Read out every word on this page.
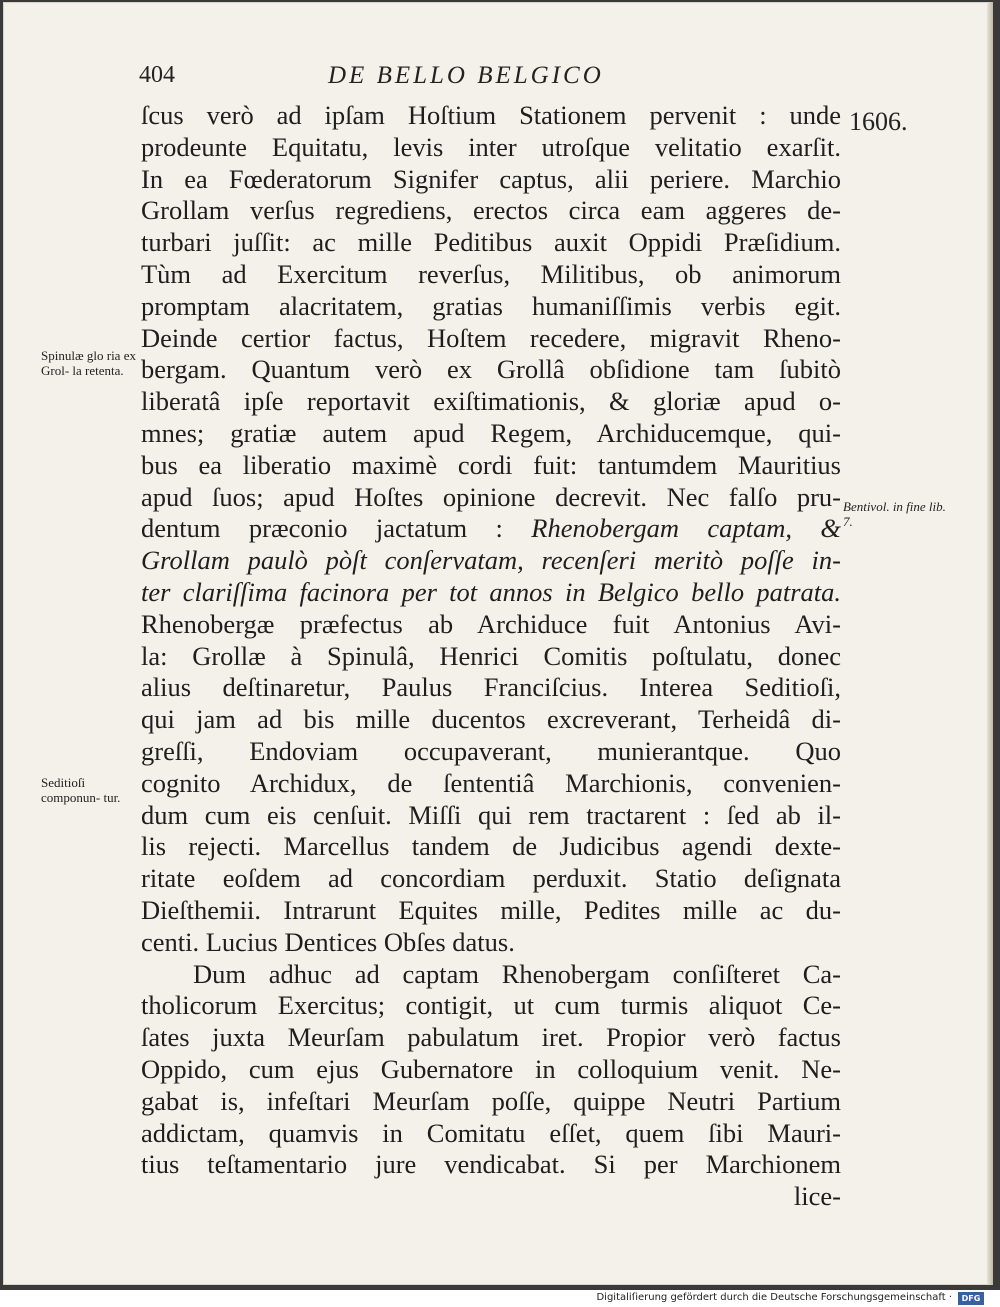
404	DE BELLO BELGICO
1606.
ſcus verò ad ipſam Hoſtium Stationem pervenit : unde
prodeunte Equitatu, levis inter utroſque velitatio exarſit.
In ea Fœderatorum Signifer captus, alii periere. Marchio
Grollam verſus regrediens, erectos circa eam aggeres de-
turbari juſſit: ac mille Peditibus auxit Oppidi Præſidium.
Tùm ad Exercitum reverſus, Militibus, ob animorum
promptam alacritatem, gratias humaniſſimis verbis egit.
Deinde certior factus, Hoſtem recedere, migravit Rheno-
bergam. Quantum verò ex Grollâ obſidione tam ſubitò
liberatâ ipſe reportavit exiſtimationis, & gloriæ apud o-
mnes; gratiæ autem apud Regem, Archiducemque, qui-
bus ea liberatio maximè cordi fuit: tantumdem Mauritius
apud ſuos; apud Hoſtes opinione decrevit. Nec falſo pru-
dentum præconio jactatum : Rhenobergam captam, &
Grollam paulò pòſt conſervatam, recenſeri meritò poſſe in-
ter clariſſima facinora per tot annos in Belgico bello patrata.
Rhenobergæ præfectus ab Archiduce fuit Antonius Avi-
la: Grollæ à Spinulâ, Henrici Comitis poſtulatu, donec
alius deſtinaretur, Paulus Franciſcius. Interea Seditioſi,
qui jam ad bis mille ducentos excreverant, Terheidâ di-
greſſi, Endoviam occupaverant, munierantque. Quo
cognito Archidux, de ſententiâ Marchionis, convenien-
dum cum eis cenſuit. Miſſi qui rem tractarent : ſed ab il-
lis rejecti. Marcellus tandem de Judicibus agendi dexte-
ritate eoſdem ad concordiam perduxit. Statio deſignata
Dieſthemii. Intrarunt Equites mille, Pedites mille ac du-
centi. Lucius Dentices Obſes datus.
Dum adhuc ad captam Rhenobergam conſiſteret Ca-
tholicorum Exercitus; contigit, ut cum turmis aliquot Ce-
ſates juxta Meurſam pabulatum iret. Propior verò factus
Oppido, cum ejus Gubernatore in colloquium venit. Ne-
gabat is, infeſtari Meurſam poſſe, quippe Neutri Partium
addictam, quamvis in Comitatu eſſet, quem ſibi Mauri-
tius teſtamentario jure vendicabat. Si per Marchionem
lice-
Spinulæ glo ria ex Grol- la retenta.
Seditioſi componun- tur.
Bentivol. in fine lib. 7.
Digitaliſierung gefördert durch die Deutsche Forschungsgemeinschaft ·	DFG
